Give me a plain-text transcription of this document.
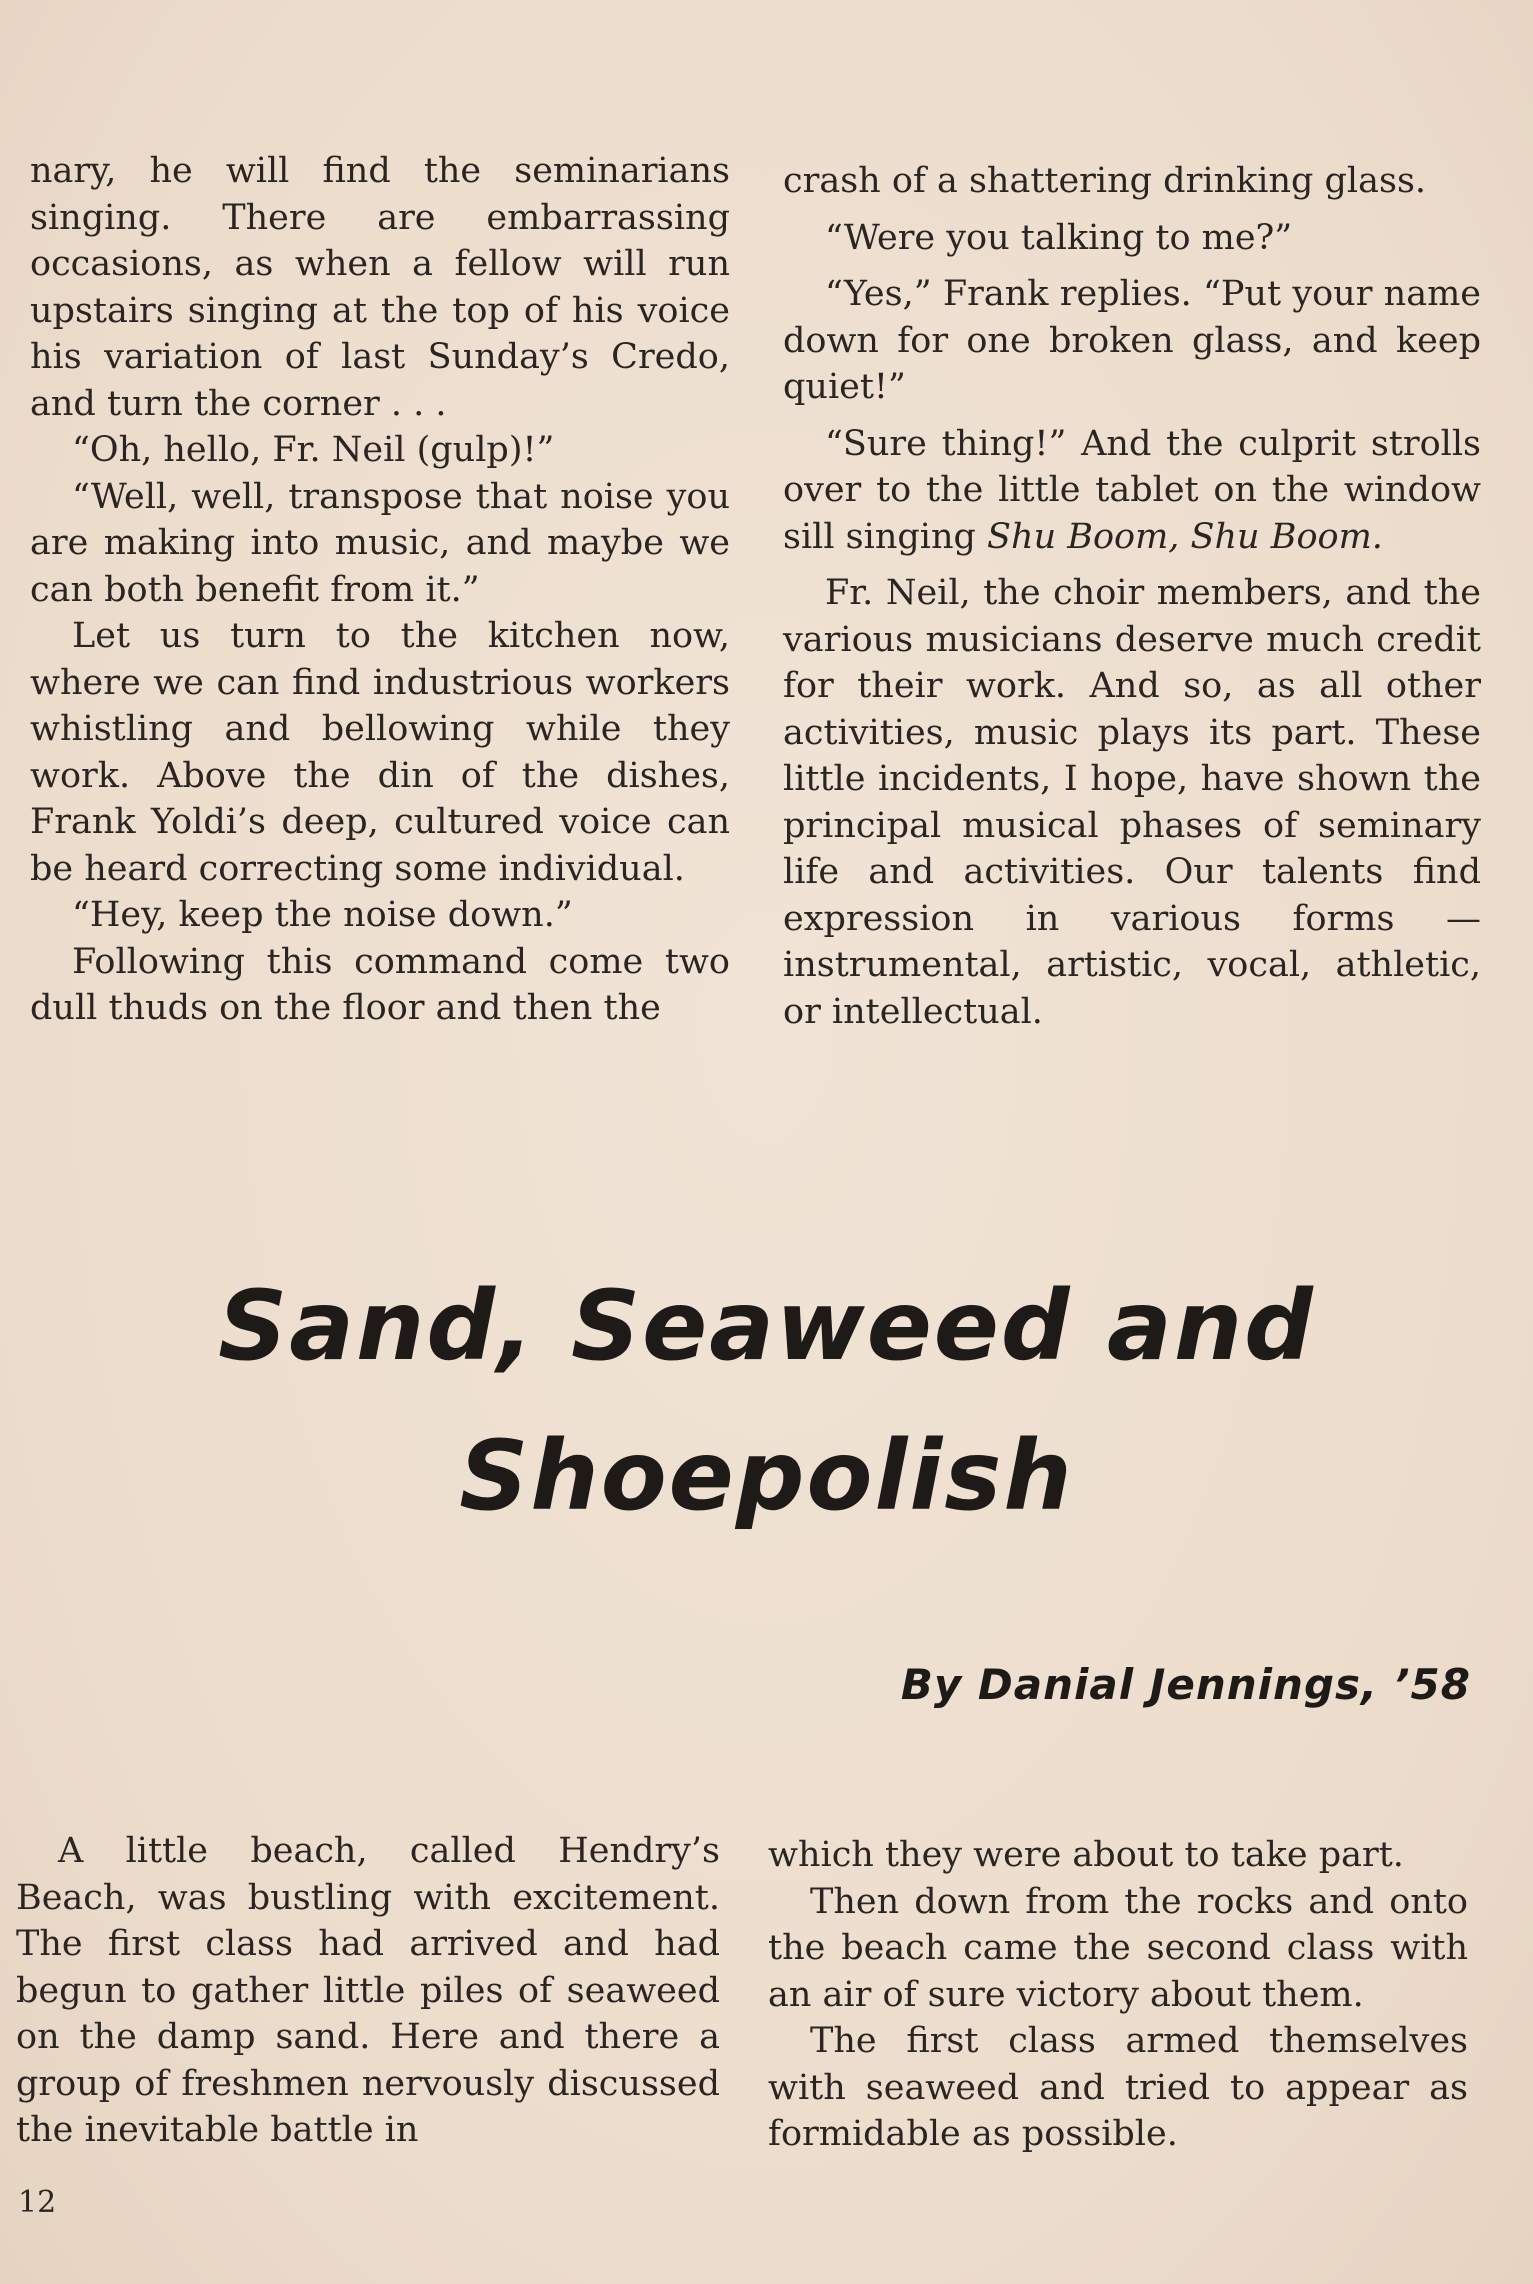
nary, he will find the seminarians singing. There are embarrassing occasions, as when a fellow will run upstairs singing at the top of his voice his variation of last Sunday’s Credo, and turn the corner . . .

“Oh, hello, Fr. Neil (gulp)!”

“Well, well, transpose that noise you are making into music, and maybe we can both benefit from it.”

Let us turn to the kitchen now, where we can find industrious workers whistling and bellowing while they work. Above the din of the dishes, Frank Yoldi’s deep, cultured voice can be heard correcting some individual.

“Hey, keep the noise down.”

Following this command come two dull thuds on the floor and then the

crash of a shattering drinking glass.

“Were you talking to me?”

“Yes,” Frank replies. “Put your name down for one broken glass, and keep quiet!”

“Sure thing!” And the culprit strolls over to the little tablet on the window sill singing Shu Boom, Shu Boom.

Fr. Neil, the choir members, and the various musicians deserve much credit for their work. And so, as all other activities, music plays its part. These little incidents, I hope, have shown the principal musical phases of seminary life and activities. Our talents find expression in various forms — instrumental, artistic, vocal, athletic, or intellectual.

Sand, Seaweed and
Shoepolish
By Danial Jennings, ’58

A little beach, called Hendry’s Beach, was bustling with excitement. The first class had arrived and had begun to gather little piles of seaweed on the damp sand. Here and there a group of freshmen nervously discussed the inevitable battle in

which they were about to take part.

Then down from the rocks and onto the beach came the second class with an air of sure victory about them.

The first class armed themselves with seaweed and tried to appear as formidable as possible.

12
